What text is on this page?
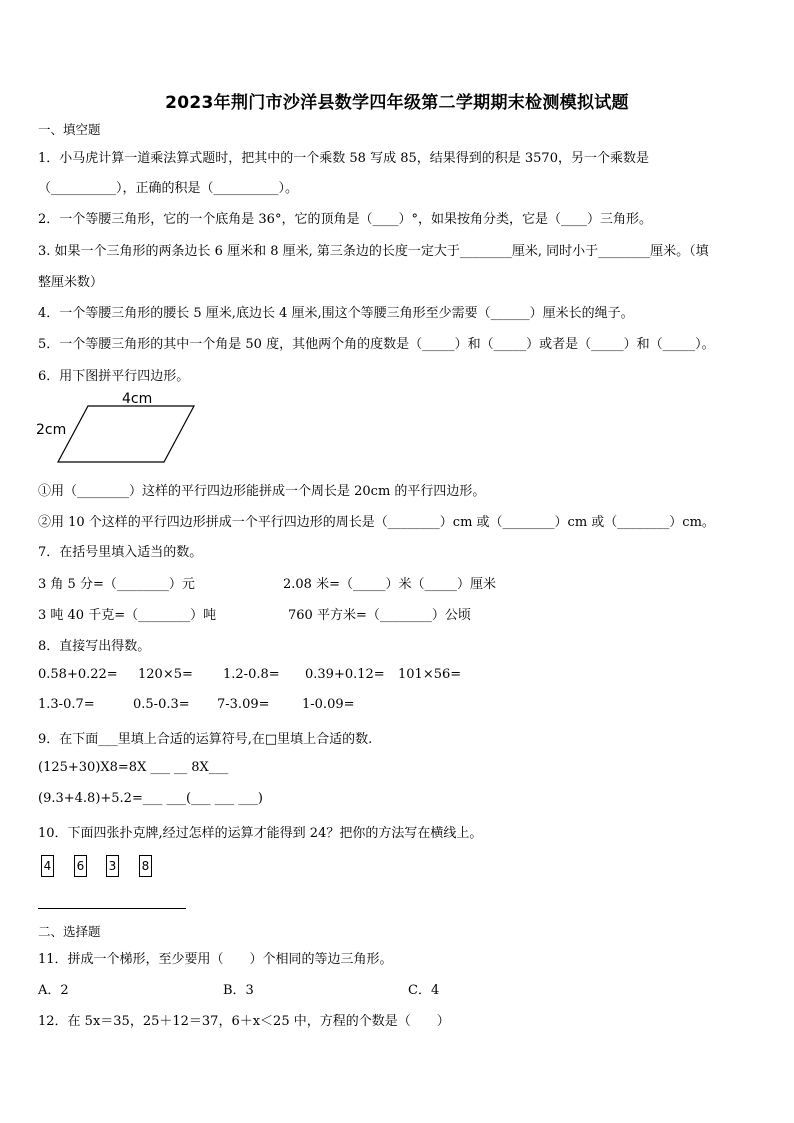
2023年荆门市沙洋县数学四年级第二学期期末检测模拟试题
一、填空题
1．小马虎计算一道乘法算式题时，把其中的一个乘数 58 写成 85，结果得到的积是 3570，另一个乘数是
（__________），正确的积是（__________）。
2．一个等腰三角形，它的一个底角是 36°，它的顶角是（____）°，如果按角分类，它是（____）三角形。
3. 如果一个三角形的两条边长 6 厘米和 8 厘米, 第三条边的长度一定大于________厘米, 同时小于________厘米。（填
整厘米数）
4．一个等腰三角形的腰长 5 厘米,底边长 4 厘米,围这个等腰三角形至少需要（______）厘米长的绳子。
5．一个等腰三角形的其中一个角是 50 度，其他两个角的度数是（_____）和（_____）或者是（_____）和（_____）。
6．用下图拼平行四边形。
4cm
2cm
①用（________）这样的平行四边形能拼成一个周长是 20cm 的平行四边形。
②用 10 个这样的平行四边形拼成一个平行四边形的周长是（________）cm 或（________）cm 或（________）cm。
7．在括号里填入适当的数。
3 角 5 分=（________）元	2.08 米=（_____）米（_____）厘米
3 吨 40 千克=（________）吨	760 平方米=（________）公顷
8．直接写出得数。
0.58+0.22= 120×5= 1.2-0.8= 0.39+0.12= 101×56=
1.3-0.7=	0.5-0.3= 7-3.09= 1-0.09=
9．在下面___里填上合适的运算符号,在□里填上合适的数.
(125+30)X8=8X ___ __ 8X___
(9.3+4.8)+5.2=___ ___(___ ___ ___)
10．下面四张扑克牌,经过怎样的运算才能得到 24？把你的方法写在横线上。
4 6 3 8
二、选择题
11．拼成一个梯形，至少要用（　　）个相同的等边三角形。
A．2	B．3	C．4
12．在 5x＝35，25＋12＝37，6＋x＜25 中，方程的个数是（　　）
